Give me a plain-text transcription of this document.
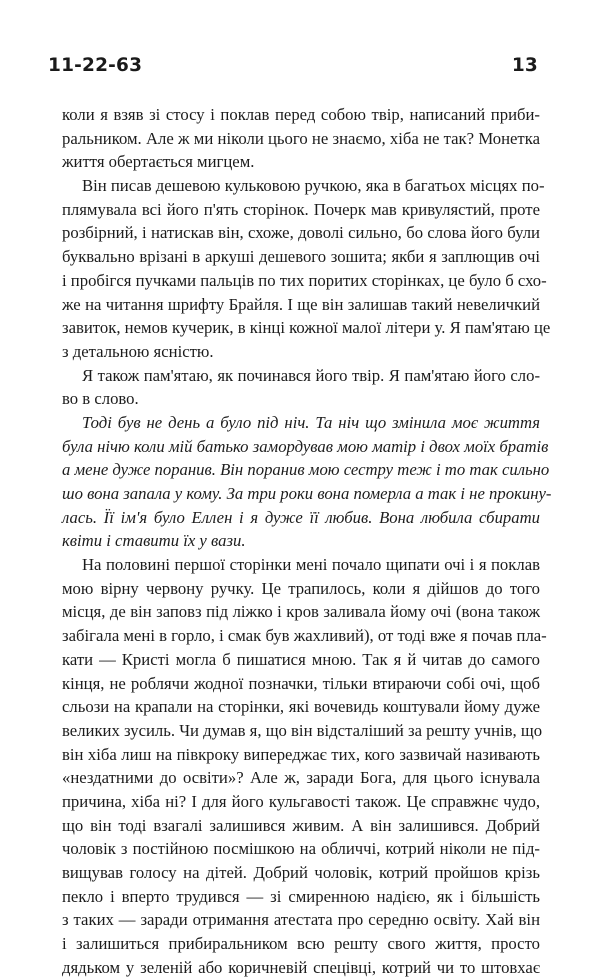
11-22-63	13
коли я взяв зі стосу і поклав перед собою твір, написаний приби-
ральником. Але ж ми ніколи цього не знаємо, хіба не так? Монетка
життя обертається мигцем.
Він писав дешевою кульковою ручкою, яка в багатьох місцях по-
плямувала всі його п'ять сторінок. Почерк мав кривулястий, проте
розбірний, і натискав він, схоже, доволі сильно, бо слова його були
буквально врізані в аркуші дешевого зошита; якби я заплющив очі
і пробігся пучками пальців по тих поритих сторінках, це було б схо-
же на читання шрифту Брайля. І ще він залишав такий невеличкий
завиток, немов кучерик, в кінці кожної малої літери у. Я пам'ятаю це
з детальною ясністю.
Я також пам'ятаю, як починався його твір. Я пам'ятаю його сло-
во в слово.
Тоді був не день а було під ніч. Та ніч що змінила моє життя
була нічю коли мій батько замордував мою матір і двох моїх братів
а мене дуже поранив. Він поранив мою сестру теж і то так сильно
шо вона запала у кому. За три роки вона померла а так і не прокину-
лась. Її ім'я було Еллен і я дуже її любив. Вона любила сбирати
квіти і ставити їх у вази.
На половині першої сторінки мені почало щипати очі і я поклав
мою вірну червону ручку. Це трапилось, коли я дійшов до того
місця, де він заповз під ліжко і кров заливала йому очі (вона також
забігала мені в горло, і смак був жахливий), от тоді вже я почав пла-
кати — Кристі могла б пишатися мною. Так я й читав до самого
кінця, не роблячи жодної позначки, тільки втираючи собі очі, щоб
сльози на крапали на сторінки, які вочевидь коштували йому дуже
великих зусиль. Чи думав я, що він відсталіший за решту учнів, що
він хіба лиш на півкроку випереджає тих, кого зазвичай називають
«нездатними до освіти»? Але ж, заради Бога, для цього існувала
причина, хіба ні? І для його кульгавості також. Це справжнє чудо,
що він тоді взагалі залишився живим. А він залишився. Добрий
чоловік з постійною посмішкою на обличчі, котрий ніколи не під-
вищував голосу на дітей. Добрий чоловік, котрий пройшов крізь
пекло і вперто трудився — зі смиренною надією, як і більшість
з таких — заради отримання атестата про середню освіту. Хай він
і залишиться прибиральником всю решту свого життя, просто
дядьком у зеленій або коричневій спецівці, котрий чи то штовхає
